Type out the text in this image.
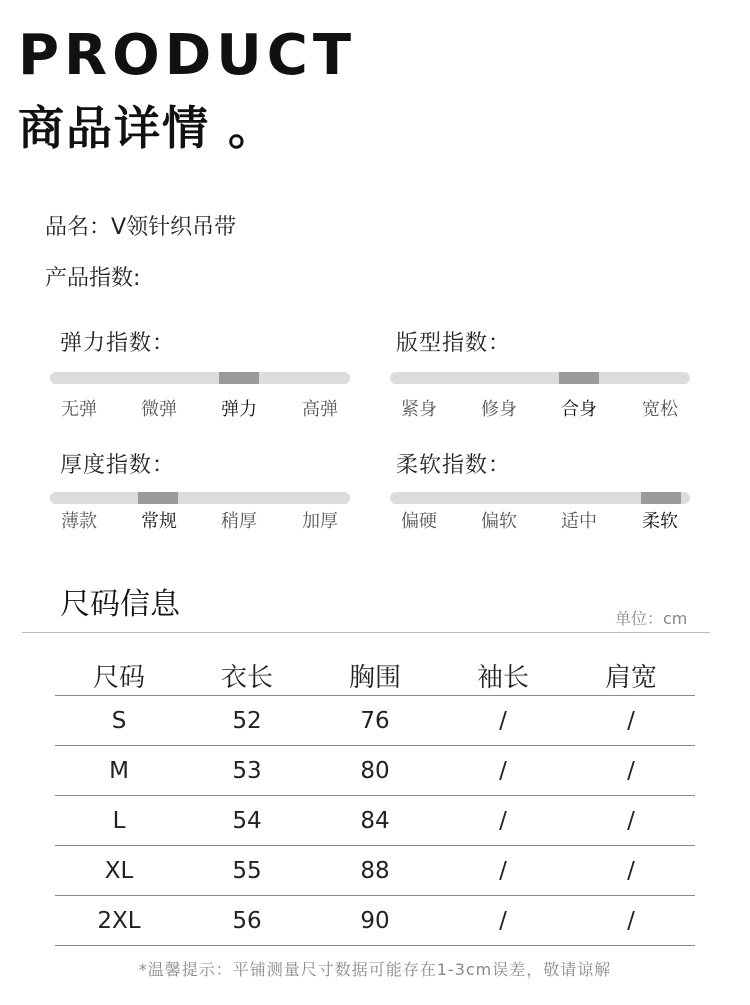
PRODUCT
商品详情 。
品名：V领针织吊带
产品指数:
弹力指数：
无弹	微弹	弹力	高弹
版型指数：
紧身	修身	合身	宽松
厚度指数：
薄款	常规	稍厚	加厚
柔软指数：
偏硬	偏软	适中	柔软
尺码信息	单位：cm
尺码	衣长	胸围	袖长	肩宽
S	52	76	/	/
M	53	80	/	/
L	54	84	/	/
XL	55	88	/	/
2XL	56	90	/	/
*温馨提示：平铺测量尺寸数据可能存在1-3cm误差，敬请谅解
